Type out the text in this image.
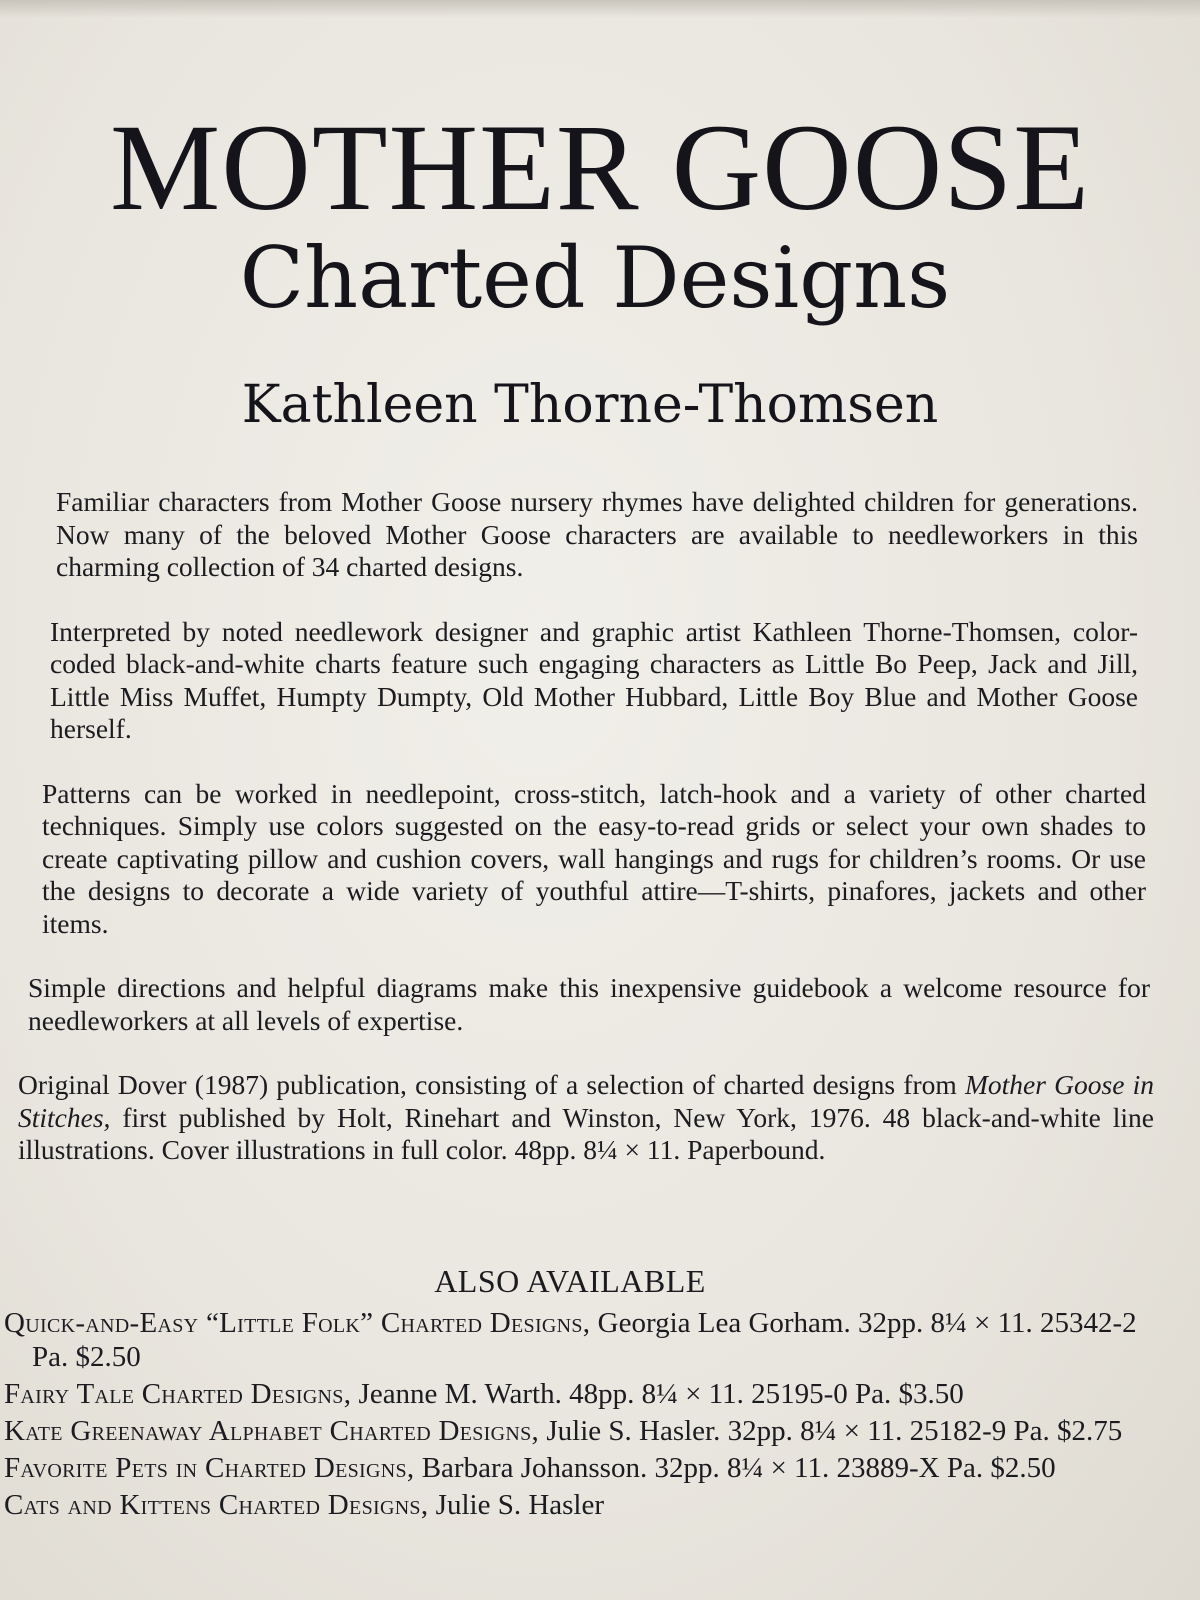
MOTHER GOOSE
Charted Designs
Kathleen Thorne-Thomsen

Familiar characters from Mother Goose nursery rhymes have delighted children for generations. Now many of the beloved Mother Goose characters are available to needleworkers in this charming collection of 34 charted designs.

Interpreted by noted needlework designer and graphic artist Kathleen Thorne-Thomsen, color-coded black-and-white charts feature such engaging characters as Little Bo Peep, Jack and Jill, Little Miss Muffet, Humpty Dumpty, Old Mother Hubbard, Little Boy Blue and Mother Goose herself.

Patterns can be worked in needlepoint, cross-stitch, latch-hook and a variety of other charted techniques. Simply use colors suggested on the easy-to-read grids or select your own shades to create captivating pillow and cushion covers, wall hangings and rugs for children’s rooms. Or use the designs to decorate a wide variety of youthful attire—T-shirts, pinafores, jackets and other items.

Simple directions and helpful diagrams make this inexpensive guidebook a welcome resource for needleworkers at all levels of expertise.

Original Dover (1987) publication, consisting of a selection of charted designs from Mother Goose in Stitches, first published by Holt, Rinehart and Winston, New York, 1976. 48 black-and-white line illustrations. Cover illustrations in full color. 48pp. 8¼ × 11. Paperbound.

ALSO AVAILABLE
Quick-and-Easy “Little Folk” Charted Designs, Georgia Lea Gorham. 32pp. 8¼ × 11. 25342-2 Pa. $2.50
Fairy Tale Charted Designs, Jeanne M. Warth. 48pp. 8¼ × 11. 25195-0 Pa. $3.50
Kate Greenaway Alphabet Charted Designs, Julie S. Hasler. 32pp. 8¼ × 11. 25182-9 Pa. $2.75
Favorite Pets in Charted Designs, Barbara Johansson. 32pp. 8¼ × 11. 23889-X Pa. $2.50
Cats and Kittens Charted Designs, Julie S. Hasler
